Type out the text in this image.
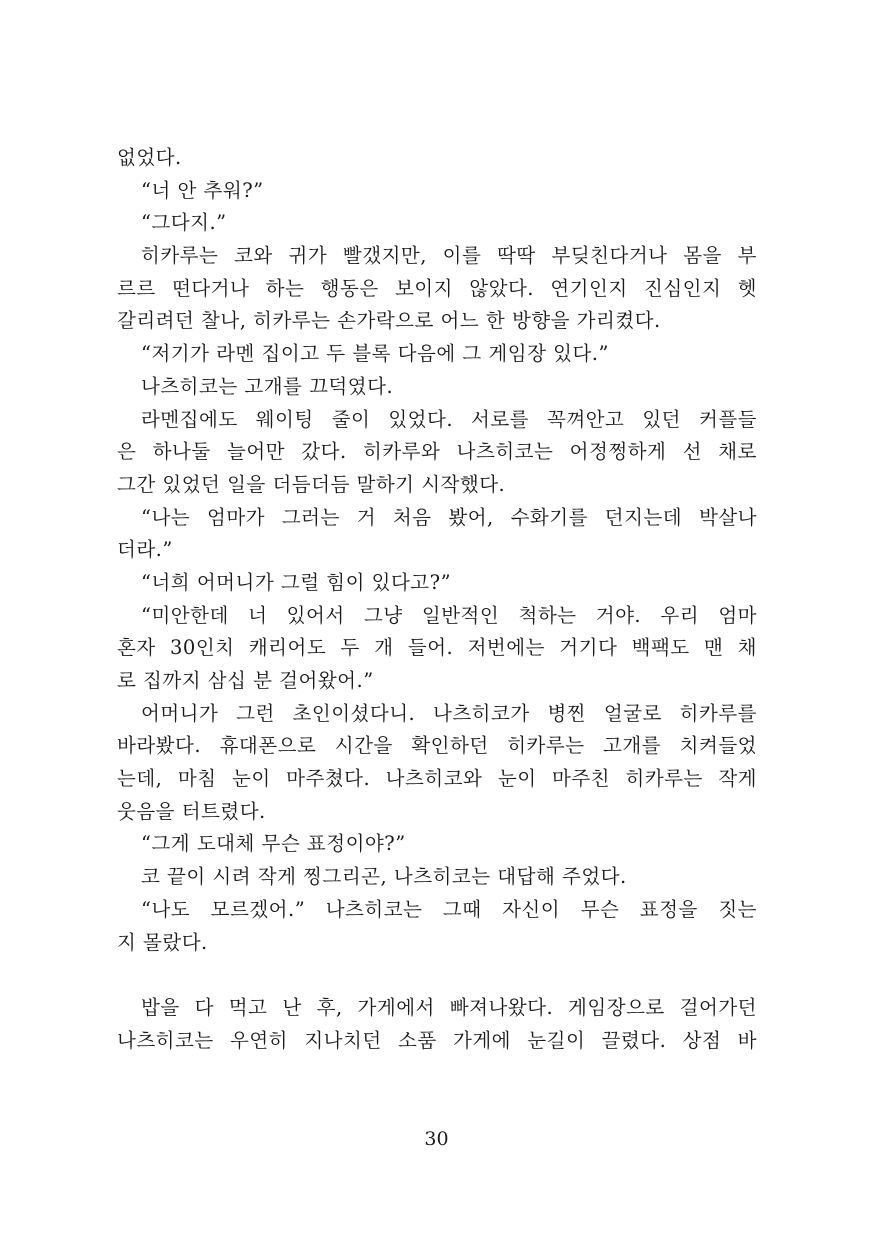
없었다.
“너 안 추워?”
“그다지.”
히카루는 코와 귀가 빨갰지만, 이를 딱딱 부딪친다거나 몸을 부
르르 떤다거나 하는 행동은 보이지 않았다. 연기인지 진심인지 헷
갈리려던 찰나, 히카루는 손가락으로 어느 한 방향을 가리켰다.
“저기가 라멘 집이고 두 블록 다음에 그 게임장 있다.”
나츠히코는 고개를 끄덕였다.
라멘집에도 웨이팅 줄이 있었다. 서로를 꼭껴안고 있던 커플들
은 하나둘 늘어만 갔다. 히카루와 나츠히코는 어정쩡하게 선 채로
그간 있었던 일을 더듬더듬 말하기 시작했다.
“나는 엄마가 그러는 거 처음 봤어, 수화기를 던지는데 박살나
더라.”
“너희 어머니가 그럴 힘이 있다고?”
“미안한데 너 있어서 그냥 일반적인 척하는 거야. 우리 엄마
혼자 30인치 캐리어도 두 개 들어. 저번에는 거기다 백팩도 맨 채
로 집까지 삼십 분 걸어왔어.”
어머니가 그런 초인이셨다니. 나츠히코가 병찐 얼굴로 히카루를
바라봤다. 휴대폰으로 시간을 확인하던 히카루는 고개를 치켜들었
는데, 마침 눈이 마주쳤다. 나츠히코와 눈이 마주친 히카루는 작게
웃음을 터트렸다.
“그게 도대체 무슨 표정이야?”
코 끝이 시려 작게 찡그리곤, 나츠히코는 대답해 주었다.
“나도 모르겠어.” 나츠히코는 그때 자신이 무슨 표정을 짓는
지 몰랐다.
밥을 다 먹고 난 후, 가게에서 빠져나왔다. 게임장으로 걸어가던
나츠히코는 우연히 지나치던 소품 가게에 눈길이 끌렸다. 상점 바
30
